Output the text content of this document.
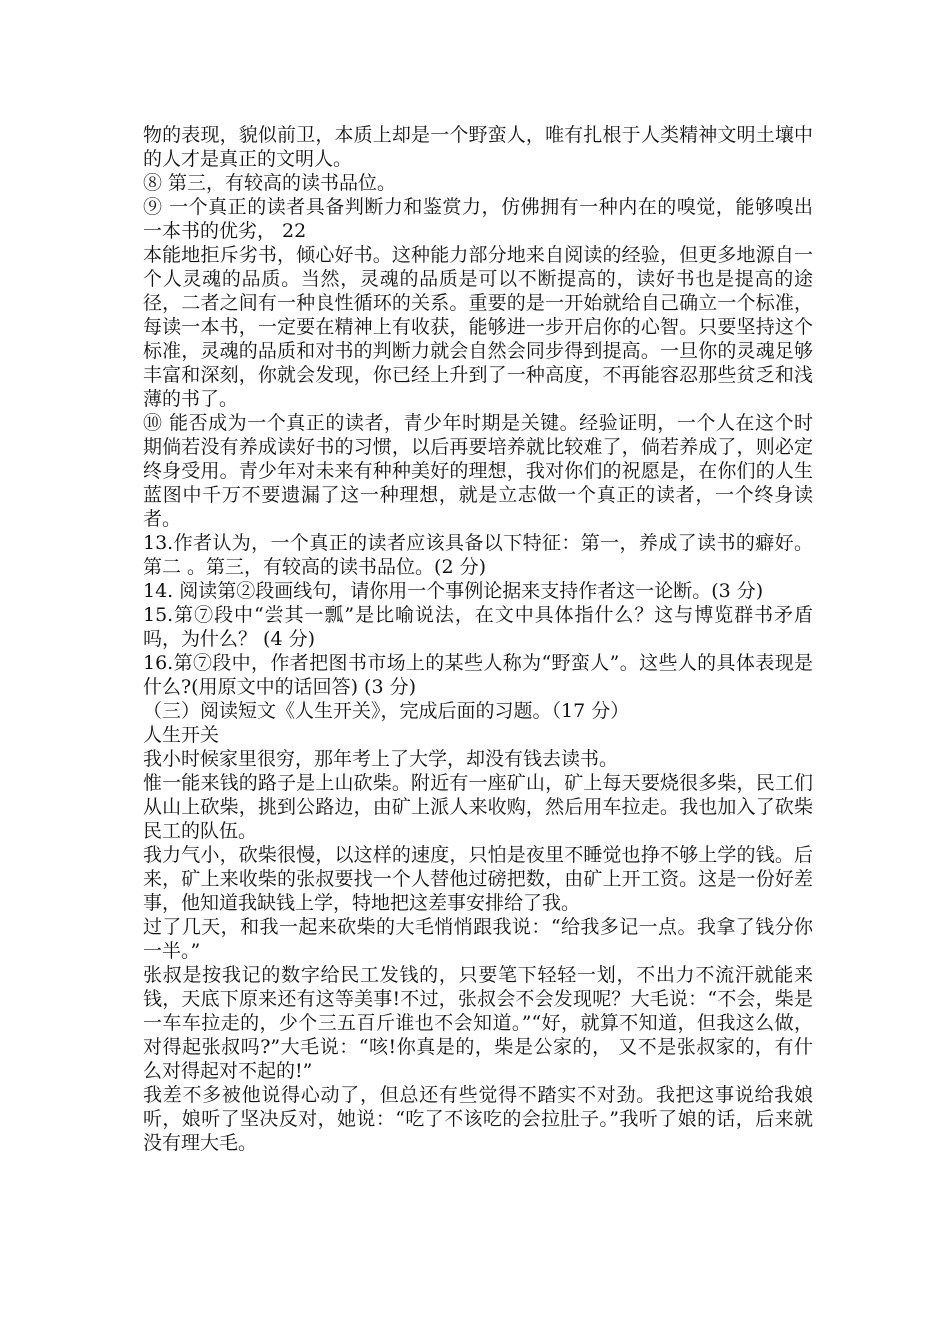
物的表现，貌似前卫，本质上却是一个野蛮人，唯有扎根于人类精神文明土壤中的人才是真正的文明人。

⑧ 第三，有较高的读书品位。

⑨ 一个真正的读者具备判断力和鉴赏力，仿佛拥有一种内在的嗅觉，能够嗅出一本书的优劣， 22

本能地拒斥劣书，倾心好书。这种能力部分地来自阅读的经验，但更多地源自一个人灵魂的品质。当然，灵魂的品质是可以不断提高的，读好书也是提高的途径，二者之间有一种良性循环的关系。重要的是一开始就给自己确立一个标准，每读一本书，一定要在精神上有收获，能够进一步开启你的心智。只要坚持这个标准，灵魂的品质和对书的判断力就会自然会同步得到提高。一旦你的灵魂足够丰富和深刻，你就会发现，你已经上升到了一种高度，不再能容忍那些贫乏和浅薄的书了。

⑩ 能否成为一个真正的读者，青少年时期是关键。经验证明，一个人在这个时期倘若没有养成读好书的习惯，以后再要培养就比较难了，倘若养成了，则必定终身受用。青少年对未来有种种美好的理想，我对你们的祝愿是，在你们的人生蓝图中千万不要遗漏了这一种理想，就是立志做一个真正的读者，一个终身读者。

13.作者认为，一个真正的读者应该具备以下特征：第一，养成了读书的癖好。第二 。第三，有较高的读书品位。(2 分)

14. 阅读第②段画线句，请你用一个事例论据来支持作者这一论断。(3 分)

15.第⑦段中“尝其一瓢”是比喻说法，在文中具体指什么？这与博览群书矛盾吗，为什么？ (4 分)

16.第⑦段中，作者把图书市场上的某些人称为“野蛮人”。这些人的具体表现是什么?(用原文中的话回答) (3 分)

（三）阅读短文《人生开关》，完成后面的习题。（17 分）

人生开关

我小时候家里很穷，那年考上了大学，却没有钱去读书。

惟一能来钱的路子是上山砍柴。附近有一座矿山，矿上每天要烧很多柴，民工们从山上砍柴，挑到公路边，由矿上派人来收购，然后用车拉走。我也加入了砍柴民工的队伍。

我力气小，砍柴很慢，以这样的速度，只怕是夜里不睡觉也挣不够上学的钱。后来，矿上来收柴的张叔要找一个人替他过磅把数，由矿上开工资。这是一份好差事，他知道我缺钱上学，特地把这差事安排给了我。

过了几天，和我一起来砍柴的大毛悄悄跟我说：“给我多记一点。我拿了钱分你一半。”

张叔是按我记的数字给民工发钱的，只要笔下轻轻一划，不出力不流汗就能来钱，天底下原来还有这等美事!不过，张叔会不会发现呢？大毛说：“不会，柴是一车车拉走的，少个三五百斤谁也不会知道。”“好，就算不知道，但我这么做，对得起张叔吗?”大毛说：“咳!你真是的，柴是公家的， 又不是张叔家的，有什么对得起对不起的!”

我差不多被他说得心动了，但总还有些觉得不踏实不对劲。我把这事说给我娘听，娘听了坚决反对，她说：“吃了不该吃的会拉肚子。”我听了娘的话，后来就没有理大毛。
